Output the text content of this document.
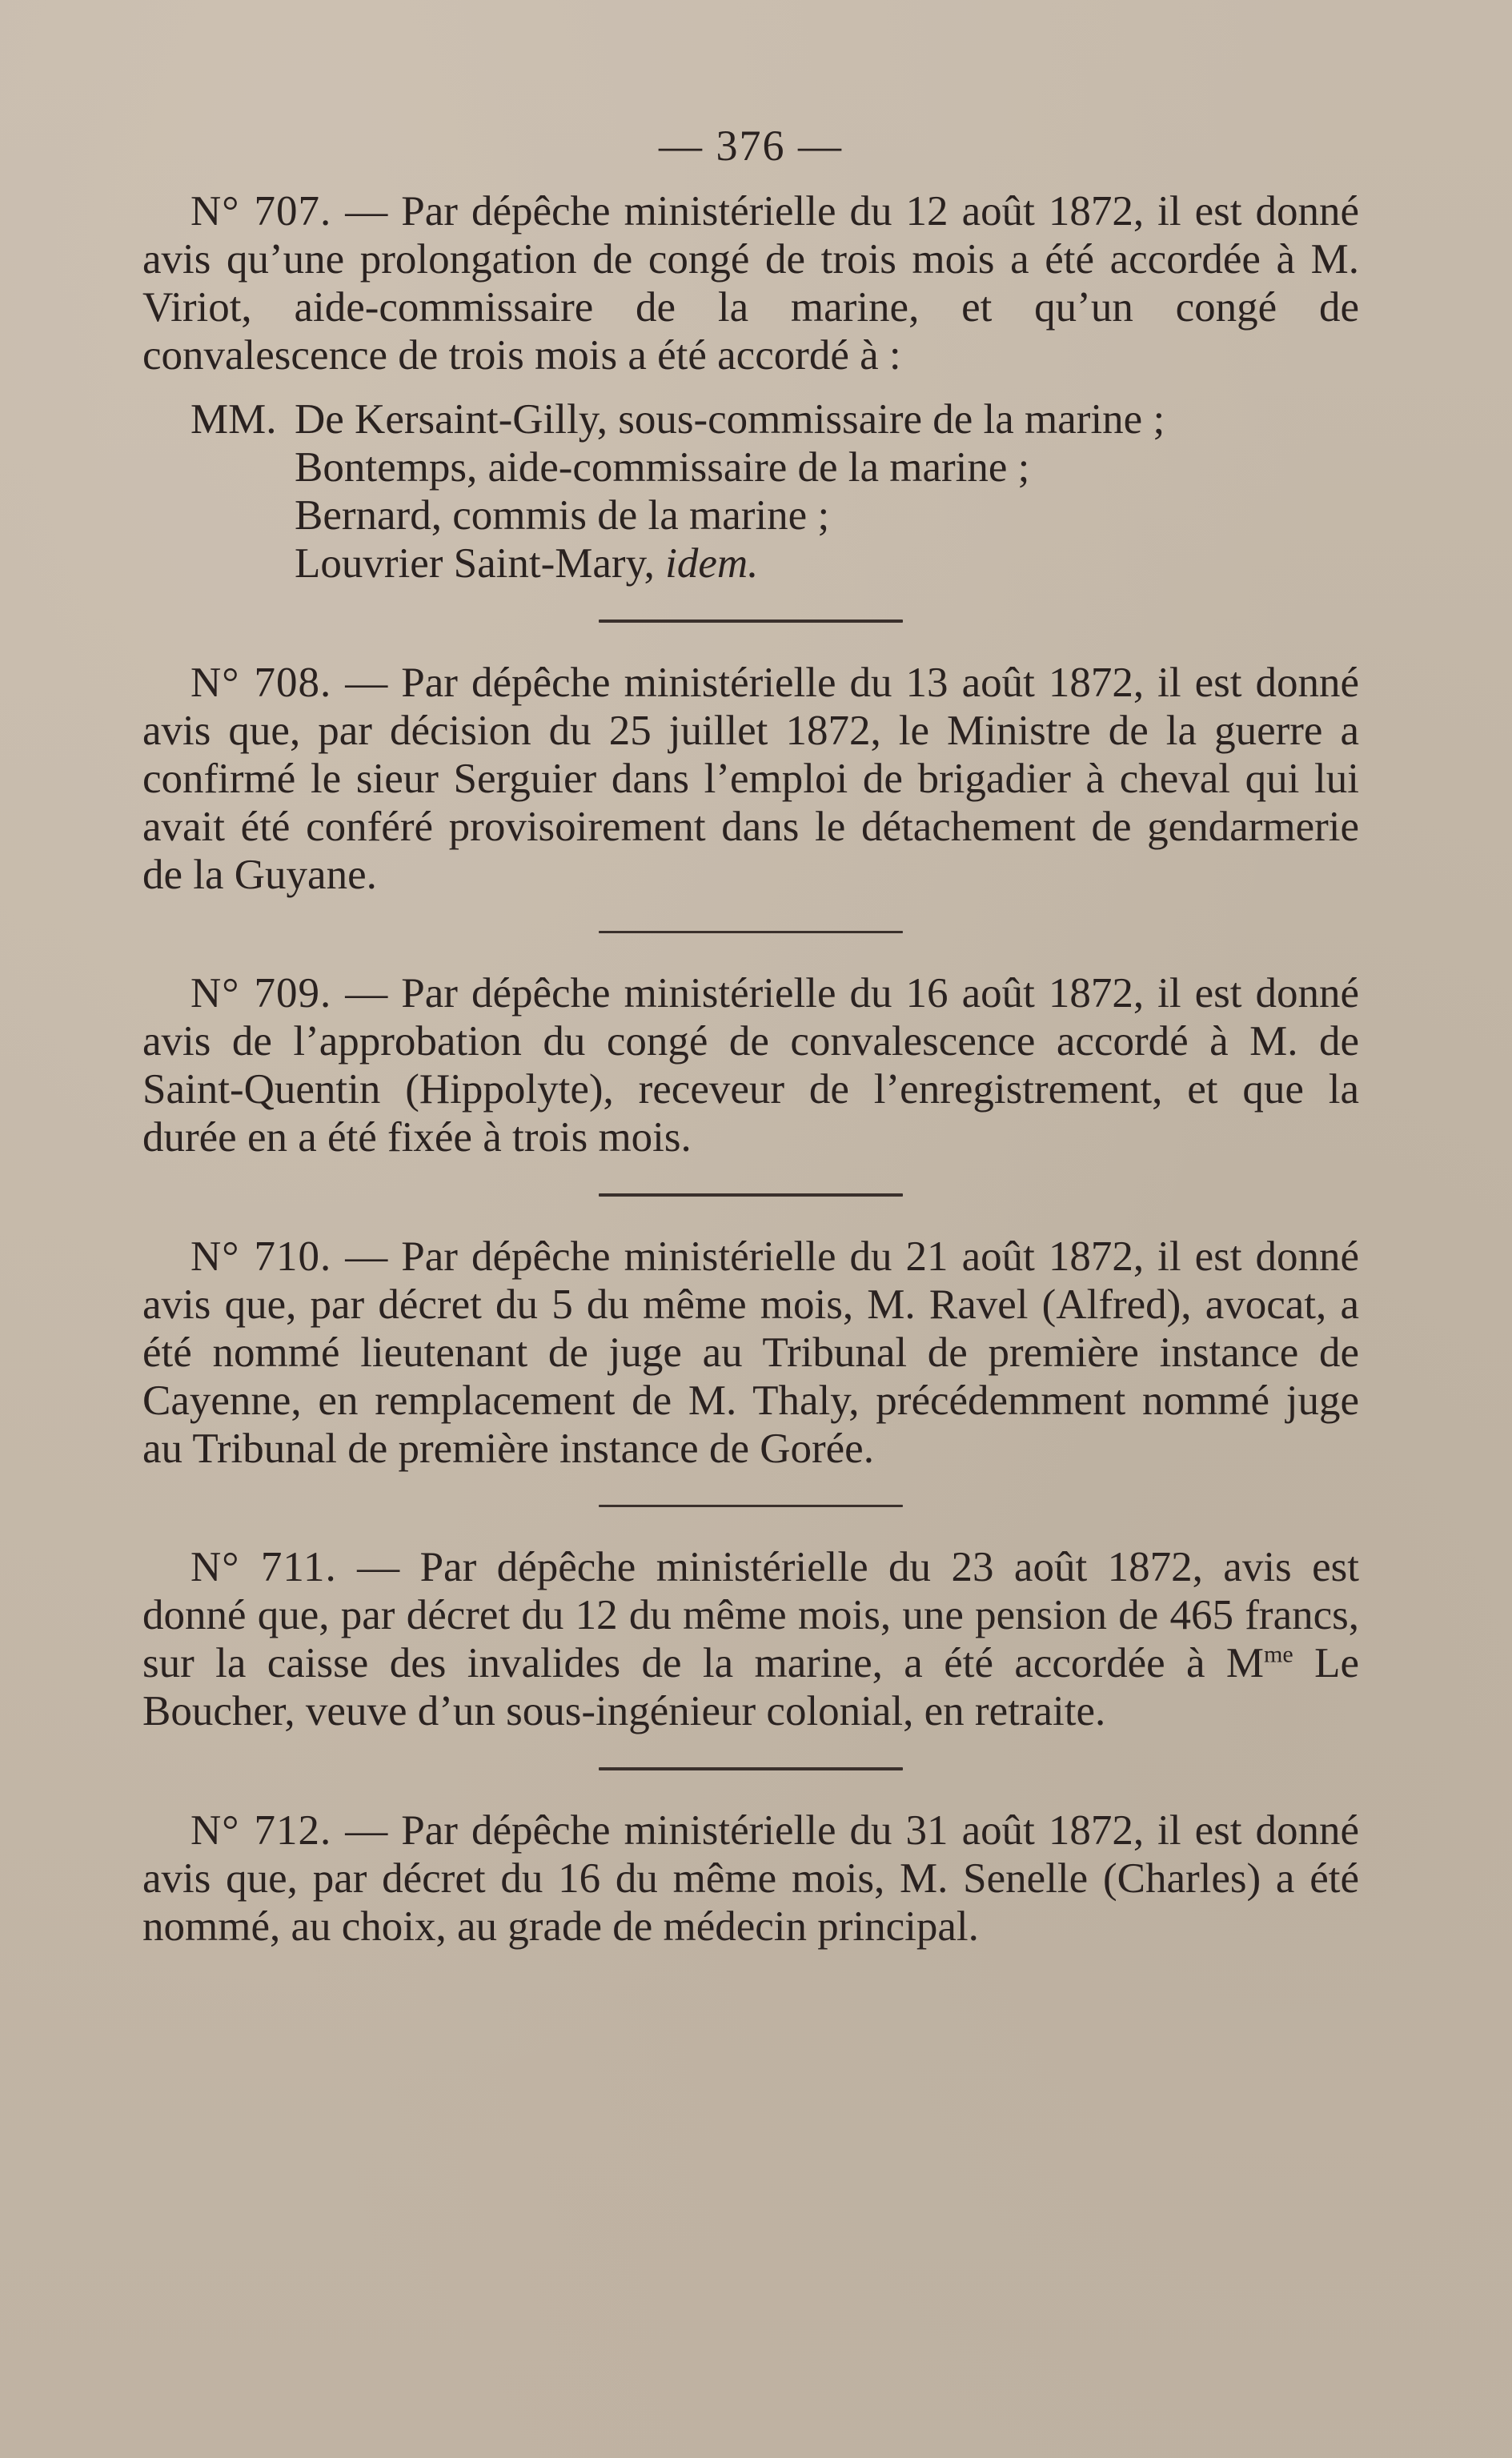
— 376 —

N° 707. — Par dépêche ministérielle du 12 août 1872, il est donné avis qu’une prolongation de congé de trois mois a été accordée à M. Viriot, aide-commissaire de la marine, et qu’un congé de convalescence de trois mois a été accordé à :

MM. De Kersaint-Gilly, sous-commissaire de la marine ;
Bontemps, aide-commissaire de la marine ;
Bernard, commis de la marine ;
Louvrier Saint-Mary, idem.

N° 708. — Par dépêche ministérielle du 13 août 1872, il est donné avis que, par décision du 25 juillet 1872, le Ministre de la guerre a confirmé le sieur Serguier dans l’emploi de brigadier à cheval qui lui avait été conféré provisoirement dans le détachement de gendarmerie de la Guyane.

N° 709. — Par dépêche ministérielle du 16 août 1872, il est donné avis de l’approbation du congé de convalescence accordé à M. de Saint-Quentin (Hippolyte), receveur de l’enregistrement, et que la durée en a été fixée à trois mois.

N° 710. — Par dépêche ministérielle du 21 août 1872, il est donné avis que, par décret du 5 du même mois, M. Ravel (Alfred), avocat, a été nommé lieutenant de juge au Tribunal de première instance de Cayenne, en remplacement de M. Thaly, précédemment nommé juge au Tribunal de première instance de Gorée.

N° 711. — Par dépêche ministérielle du 23 août 1872, avis est donné que, par décret du 12 du même mois, une pension de 465 francs, sur la caisse des invalides de la marine, a été accordée à $M^{me}$ Le Boucher, veuve d’un sous-ingénieur colonial, en retraite.

N° 712. — Par dépêche ministérielle du 31 août 1872, il est donné avis que, par décret du 16 du même mois, M. Senelle (Charles) a été nommé, au choix, au grade de médecin principal.
